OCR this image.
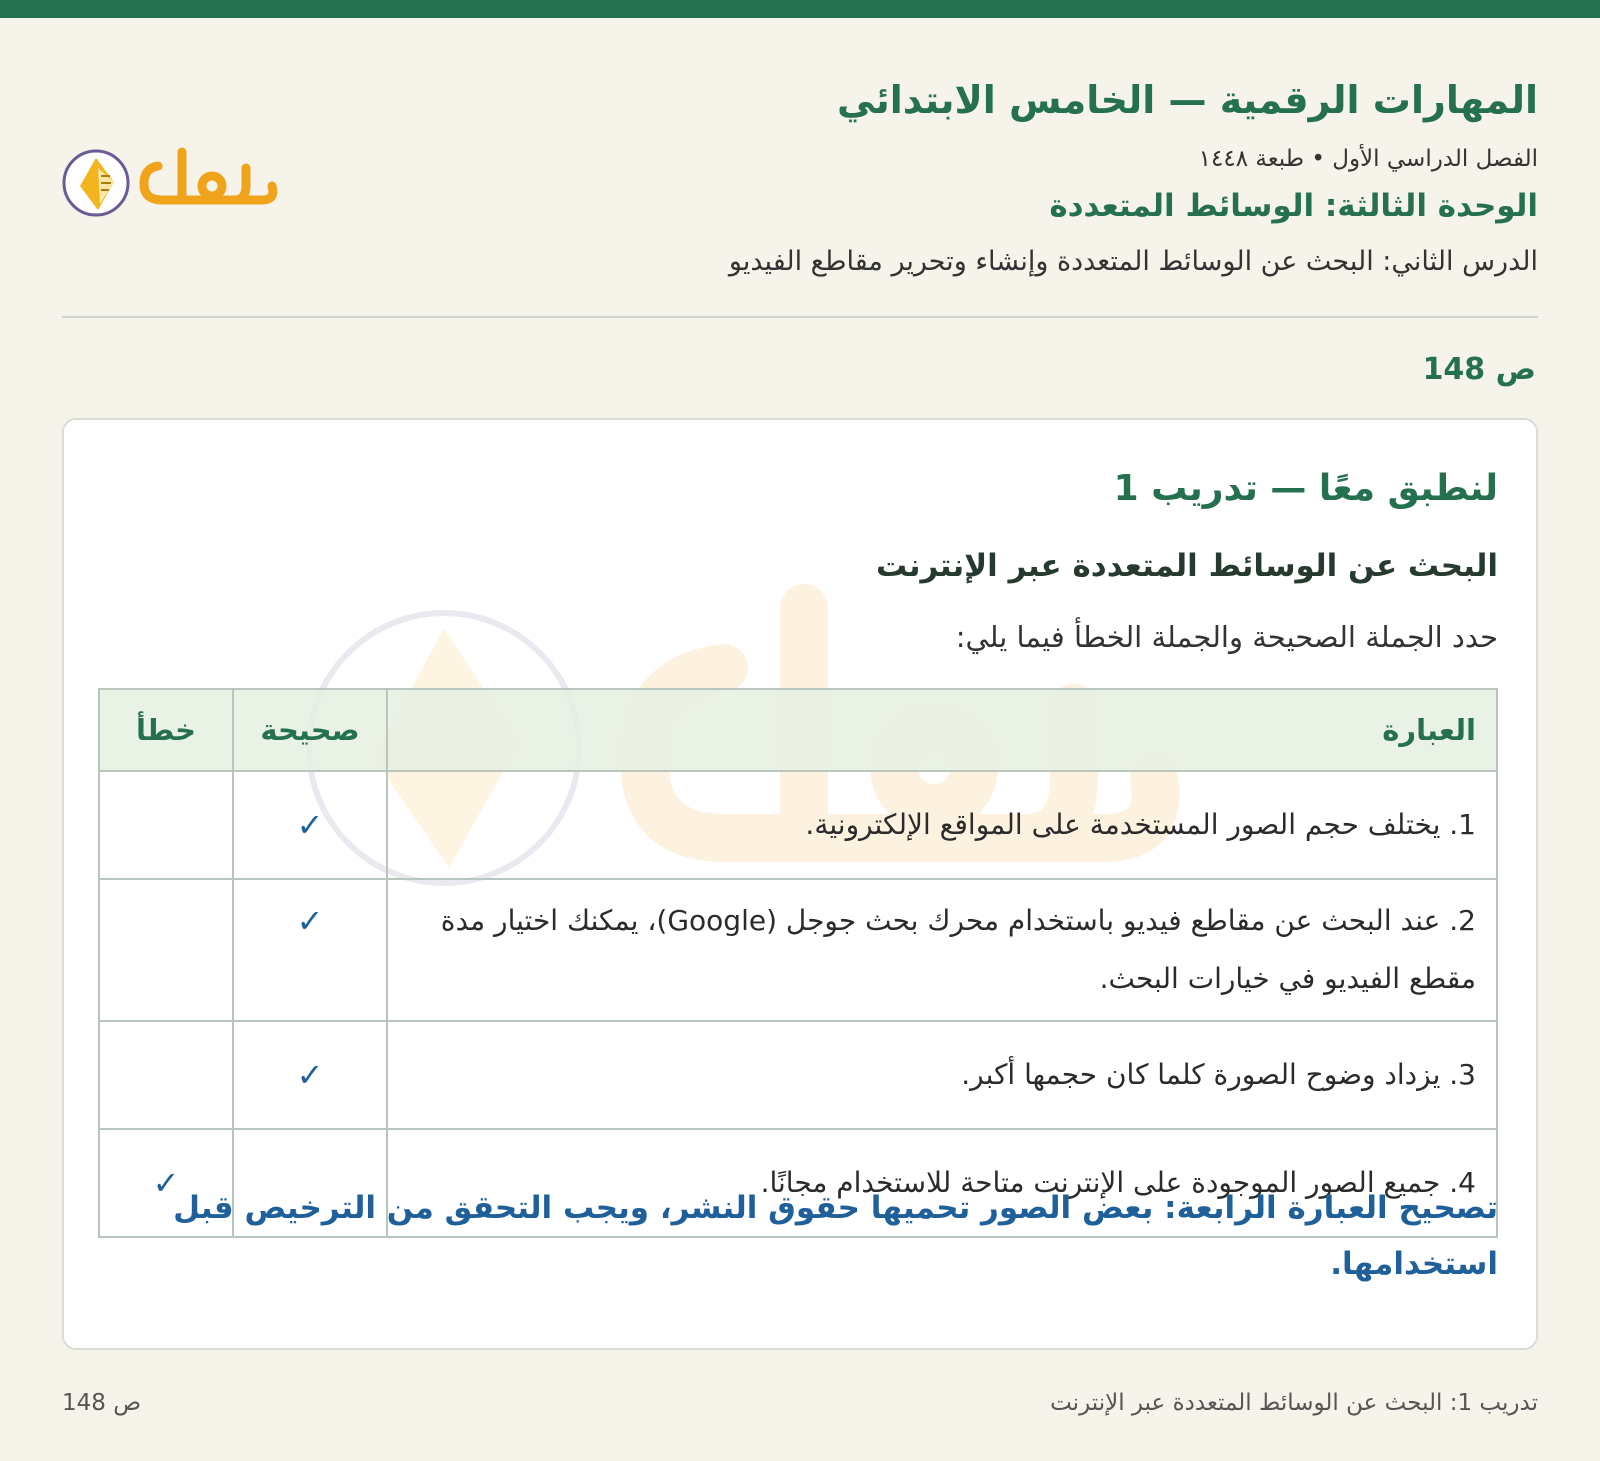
المهارات الرقمية — الخامس الابتدائي
الفصل الدراسي الأول • طبعة ١٤٤٨
الوحدة الثالثة: الوسائط المتعددة
الدرس الثاني: البحث عن الوسائط المتعددة وإنشاء وتحرير مقاطع الفيديو
ص 148
لنطبق معًا — تدريب 1
البحث عن الوسائط المتعددة عبر الإنترنت
حدد الجملة الصحيحة والجملة الخطأ فيما يلي:
العبارة	صحيحة	خطأ
1. يختلف حجم الصور المستخدمة على المواقع الإلكترونية.	✓	
2. عند البحث عن مقاطع فيديو باستخدام محرك بحث جوجل (Google)، يمكنك اختيار مدة مقطع الفيديو في خيارات البحث.	✓	
3. يزداد وضوح الصورة كلما كان حجمها أكبر.	✓	
4. جميع الصور الموجودة على الإنترنت متاحة للاستخدام مجانًا.		✓
تصحيح العبارة الرابعة: بعض الصور تحميها حقوق النشر، ويجب التحقق من الترخيص قبل استخدامها.
ص 148	تدريب 1: البحث عن الوسائط المتعددة عبر الإنترنت
